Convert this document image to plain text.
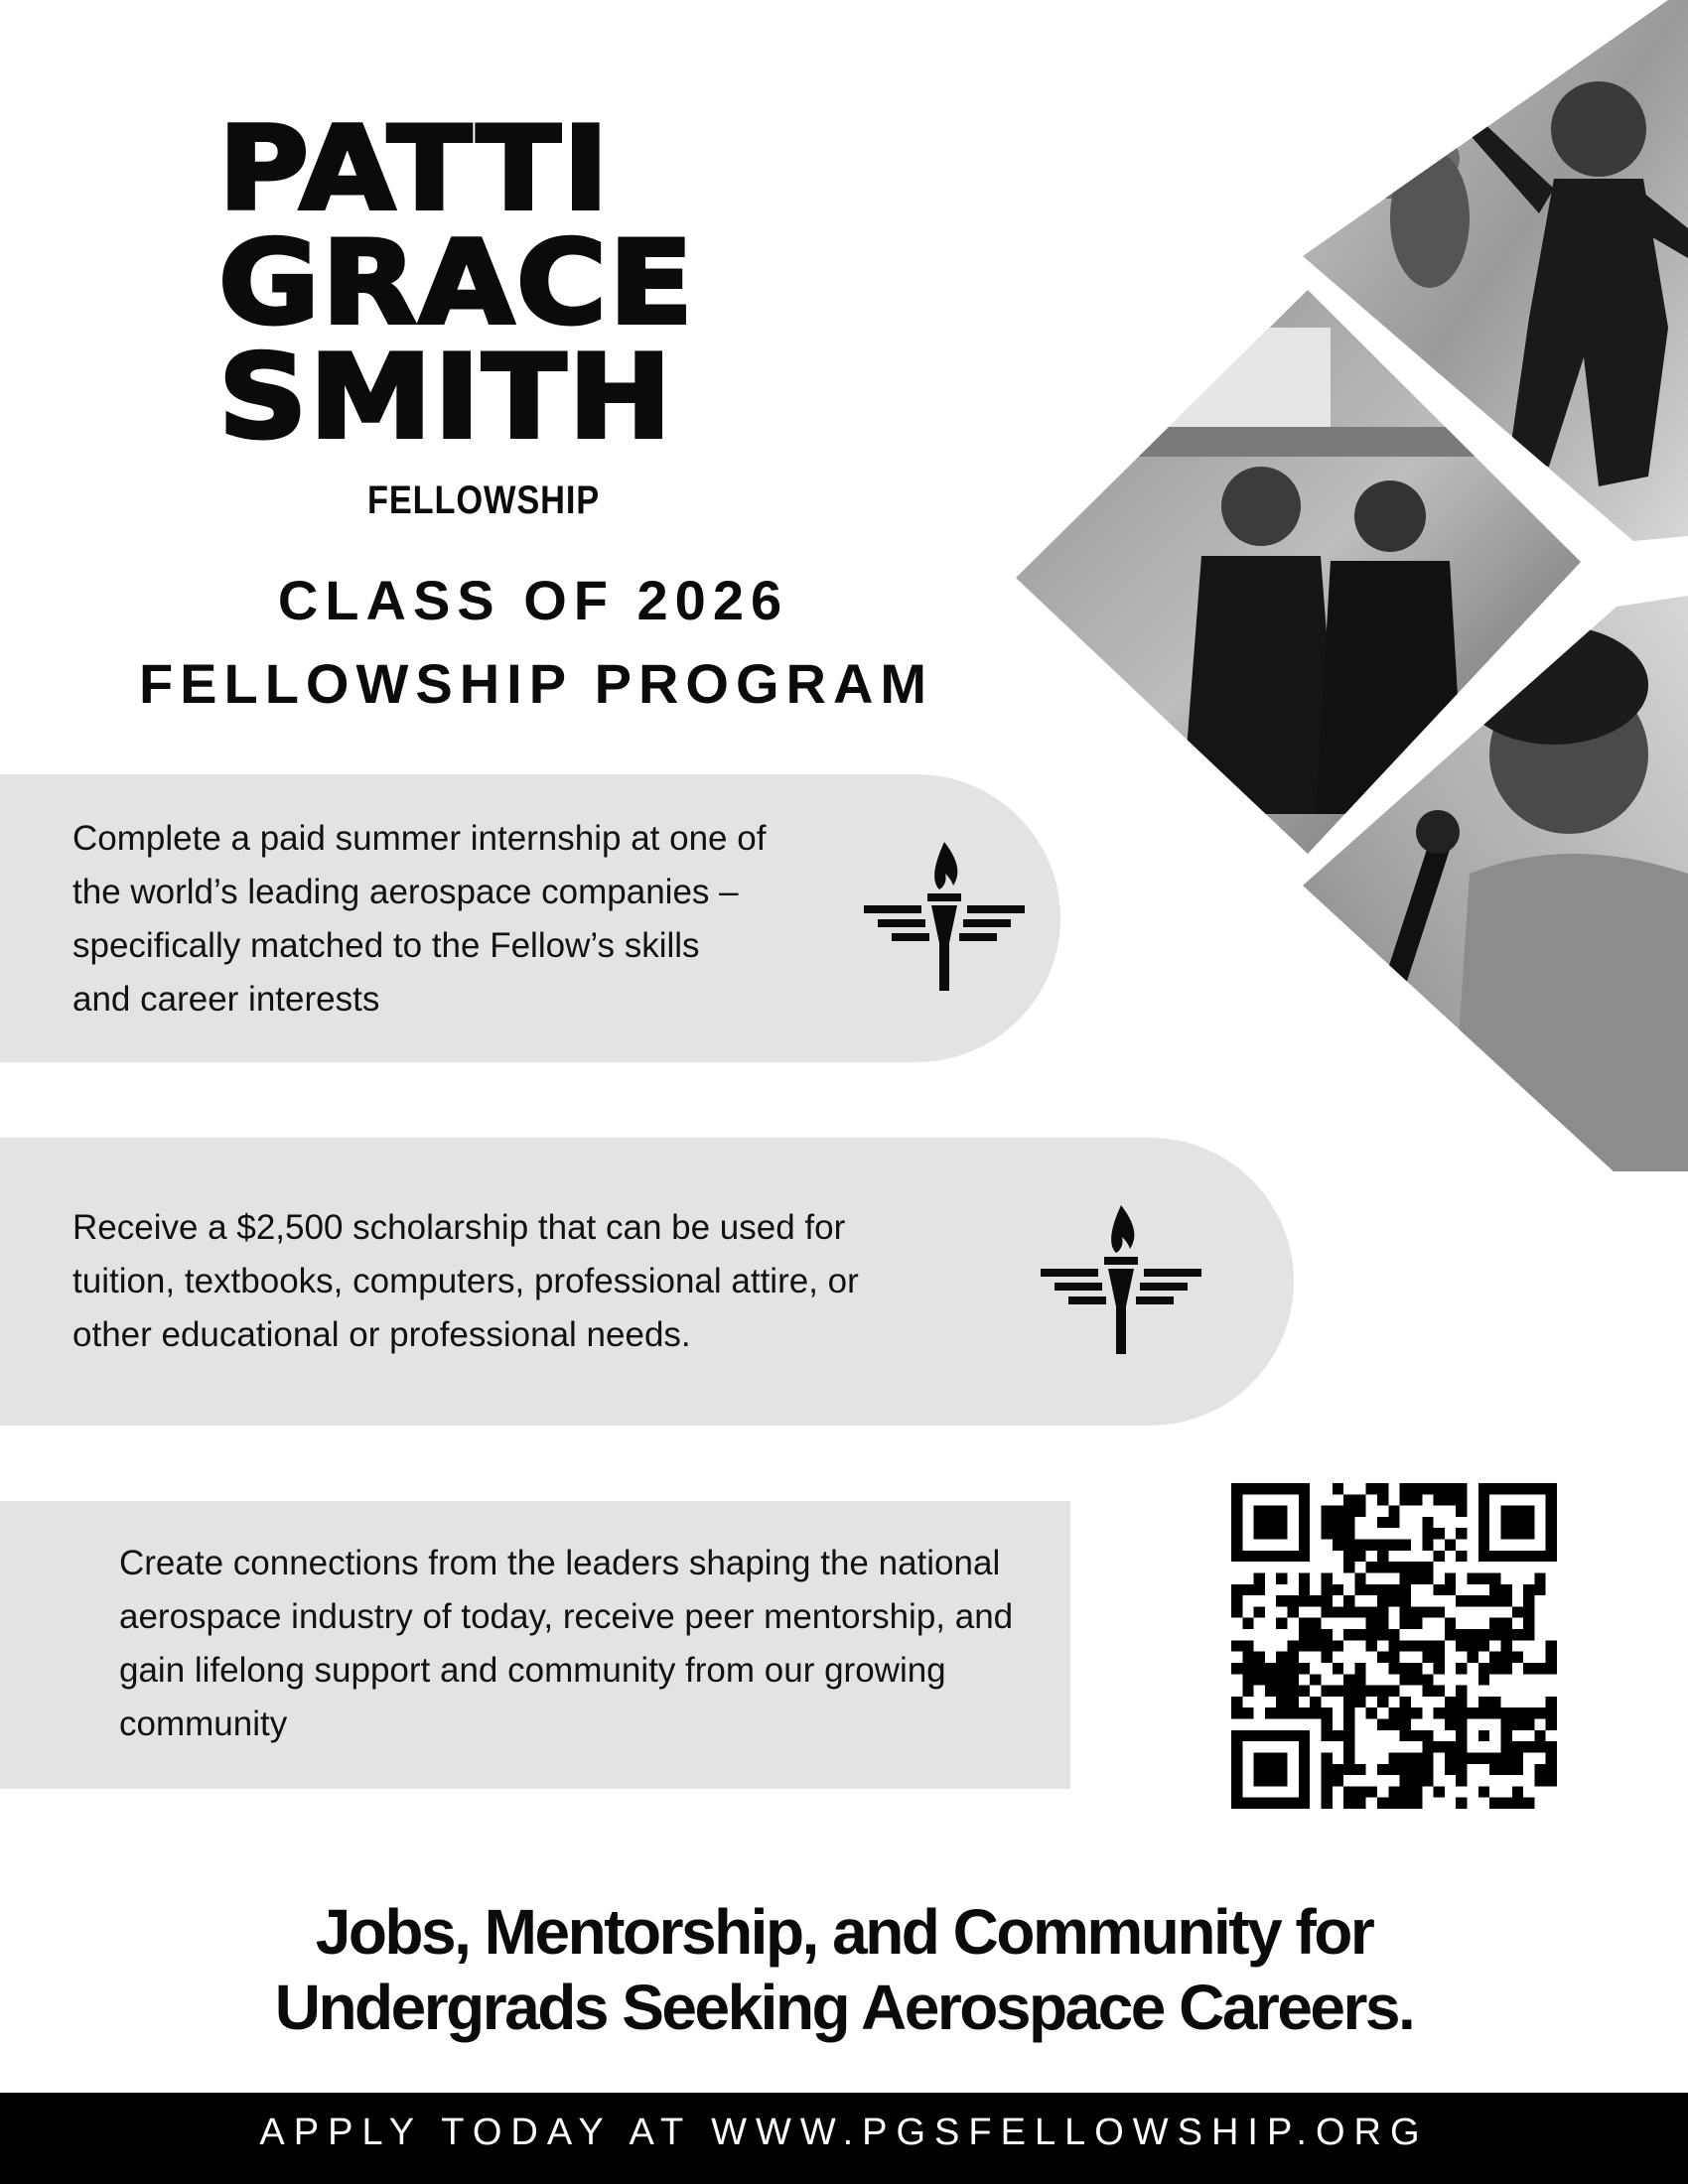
PATTI
GRACE
SMITH
FELLOWSHIP
CLASS OF 2026
FELLOWSHIP PROGRAM
Complete a paid summer internship at one of
the world’s leading aerospace companies –
specifically matched to the Fellow’s skills
and career interests
Receive a $2,500 scholarship that can be used for
tuition, textbooks, computers, professional attire, or
other educational or professional needs.
Create connections from the leaders shaping the national
aerospace industry of today, receive peer mentorship, and
gain lifelong support and community from our growing
community
Jobs, Mentorship, and Community for
Undergrads Seeking Aerospace Careers.
APPLY TODAY AT WWW.PGSFELLOWSHIP.ORG
